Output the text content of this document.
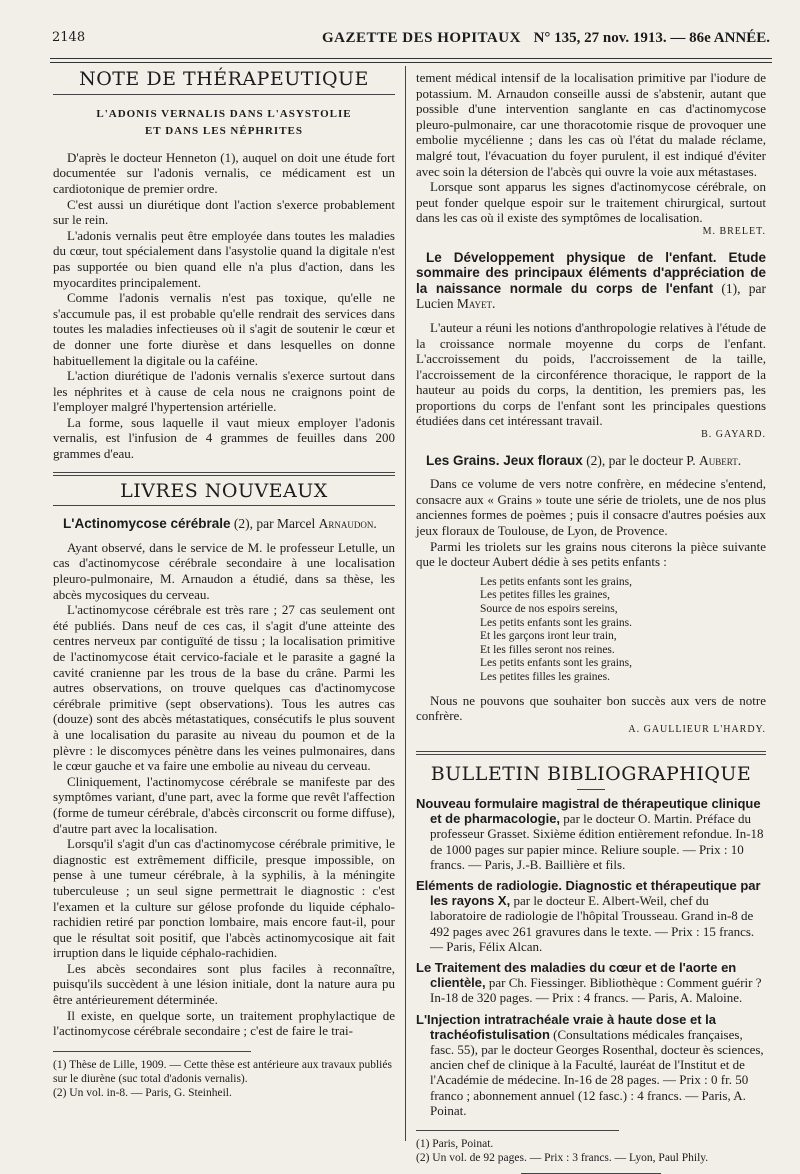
2148	GAZETTE DES HOPITAUX N° 135, 27 nov. 1913. — 86e ANNÉE.
NOTE DE THÉRAPEUTIQUE
L'ADONIS VERNALIS DANS L'ASYSTOLIE
ET DANS LES NÉPHRITES

D'après le docteur Henneton (1), auquel on doit une étude fort documentée sur l'adonis vernalis, ce médicament est un cardiotonique de premier ordre.

C'est aussi un diurétique dont l'action s'exerce probablement sur le rein.

L'adonis vernalis peut être employée dans toutes les maladies du cœur, tout spécialement dans l'asystolie quand la digitale n'est pas supportée ou bien quand elle n'a plus d'action, dans les myocardites principalement.

Comme l'adonis vernalis n'est pas toxique, qu'elle ne s'accumule pas, il est probable qu'elle rendrait des services dans toutes les maladies infectieuses où il s'agit de soutenir le cœur et de donner une forte diurèse et dans lesquelles on donne habituellement la digitale ou la caféine.

L'action diurétique de l'adonis vernalis s'exerce surtout dans les néphrites et à cause de cela nous ne craignons point de l'employer malgré l'hypertension artérielle.

La forme, sous laquelle il vaut mieux employer l'adonis vernalis, est l'infusion de 4 grammes de feuilles dans 200 grammes d'eau.

LIVRES NOUVEAUX
L'Actinomycose cérébrale (2), par Marcel Arnaudon.

Ayant observé, dans le service de M. le professeur Letulle, un cas d'actinomycose cérébrale secondaire à une localisation pleuro-pulmonaire, M. Arnaudon a étudié, dans sa thèse, les abcès mycosiques du cerveau.

L'actinomycose cérébrale est très rare ; 27 cas seulement ont été publiés. Dans neuf de ces cas, il s'agit d'une atteinte des centres nerveux par contiguïté de tissu ; la localisation primitive de l'actinomycose était cervico-faciale et le parasite a gagné la cavité cranienne par les trous de la base du crâne. Parmi les autres observations, on trouve quelques cas d'actinomycose cérébrale primitive (sept observations). Tous les autres cas (douze) sont des abcès métastatiques, consécutifs le plus souvent à une localisation du parasite au niveau du poumon et de la plèvre : le discomyces pénètre dans les veines pulmonaires, dans le cœur gauche et va faire une embolie au niveau du cerveau.

Cliniquement, l'actinomycose cérébrale se manifeste par des symptômes variant, d'une part, avec la forme que revêt l'affection (forme de tumeur cérébrale, d'abcès circonscrit ou forme diffuse), d'autre part avec la localisation.

Lorsqu'il s'agit d'un cas d'actinomycose cérébrale primitive, le diagnostic est extrêmement difficile, presque impossible, on pense à une tumeur cérébrale, à la syphilis, à la méningite tuberculeuse ; un seul signe permettrait le diagnostic : c'est l'examen et la culture sur gélose profonde du liquide céphalo-rachidien retiré par ponction lombaire, mais encore faut-il, pour que le résultat soit positif, que l'abcès actinomycosique ait fait irruption dans le liquide céphalo-rachidien.

Les abcès secondaires sont plus faciles à reconnaître, puisqu'ils succèdent à une lésion initiale, dont la nature aura pu être antérieurement déterminée.

Il existe, en quelque sorte, un traitement prophylactique de l'actinomycose cérébrale secondaire ; c'est de faire le trai-

(1) Thèse de Lille, 1909. — Cette thèse est antérieure aux travaux publiés sur le diurène (suc total d'adonis vernalis).
(2) Un vol. in-8. — Paris, G. Steinheil.

tement médical intensif de la localisation primitive par l'iodure de potassium. M. Arnaudon conseille aussi de s'abstenir, autant que possible d'une intervention sanglante en cas d'actinomycose pleuro-pulmonaire, car une thoracotomie risque de provoquer une embolie mycélienne ; dans les cas où l'état du malade réclame, malgré tout, l'évacuation du foyer purulent, il est indiqué d'éviter avec soin la détersion de l'abcès qui ouvre la voie aux métastases.

Lorsque sont apparus les signes d'actinomycose cérébrale, on peut fonder quelque espoir sur le traitement chirurgical, surtout dans les cas où il existe des symptômes de localisation.

M. BRELET.
Le Développement physique de l'enfant. Etude sommaire des principaux éléments d'appréciation de la naissance normale du corps de l'enfant (1), par Lucien Mayet.

L'auteur a réuni les notions d'anthropologie relatives à l'étude de la croissance normale moyenne du corps de l'enfant. L'accroissement du poids, l'accroissement de la taille, l'accroissement de la circonférence thoracique, le rapport de la hauteur au poids du corps, la dentition, les premiers pas, les proportions du corps de l'enfant sont les principales questions étudiées dans cet intéressant travail.

B. GAYARD.
Les Grains. Jeux floraux (2), par le docteur P. Aubert.

Dans ce volume de vers notre confrère, en médecine s'entend, consacre aux « Grains » toute une série de triolets, une de nos plus anciennes formes de poèmes ; puis il consacre d'autres poésies aux jeux floraux de Toulouse, de Lyon, de Provence.

Parmi les triolets sur les grains nous citerons la pièce suivante que le docteur Aubert dédie à ses petits enfants :

Les petits enfants sont les grains,
Les petites filles les graines,
Source de nos espoirs sereins,
Les petits enfants sont les grains.
Et les garçons iront leur train,
Et les filles seront nos reines.
Les petits enfants sont les grains,
Les petites filles les graines.

Nous ne pouvons que souhaiter bon succès aux vers de notre confrère.

A. GAULLIEUR L'HARDY.
BULLETIN BIBLIOGRAPHIQUE
Nouveau formulaire magistral de thérapeutique clinique et de pharmacologie, par le docteur O. Martin. Préface du professeur Grasset. Sixième édition entièrement refondue. In-18 de 1000 pages sur papier mince. Reliure souple. — Prix : 10 francs. — Paris, J.-B. Baillière et fils.
Eléments de radiologie. Diagnostic et thérapeutique par les rayons X, par le docteur E. Albert-Weil, chef du laboratoire de radiologie de l'hôpital Trousseau. Grand in-8 de 492 pages avec 261 gravures dans le texte. — Prix : 15 francs. — Paris, Félix Alcan.
Le Traitement des maladies du cœur et de l'aorte en clientèle, par Ch. Fiessinger. Bibliothèque : Comment guérir ? In-18 de 320 pages. — Prix : 4 francs. — Paris, A. Maloine.
L'Injection intratrachéale vraie à haute dose et la trachéofistulisation (Consultations médicales françaises, fasc. 55), par le docteur Georges Rosenthal, docteur ès sciences, ancien chef de clinique à la Faculté, lauréat de l'Institut et de l'Académie de médecine. In-16 de 28 pages. — Prix : 0 fr. 50 franco ; abonnement annuel (12 fasc.) : 4 francs. — Paris, A. Poinat.
(1) Paris, Poinat.
(2) Un vol. de 92 pages. — Prix : 3 francs. — Lyon, Paul Phily.
